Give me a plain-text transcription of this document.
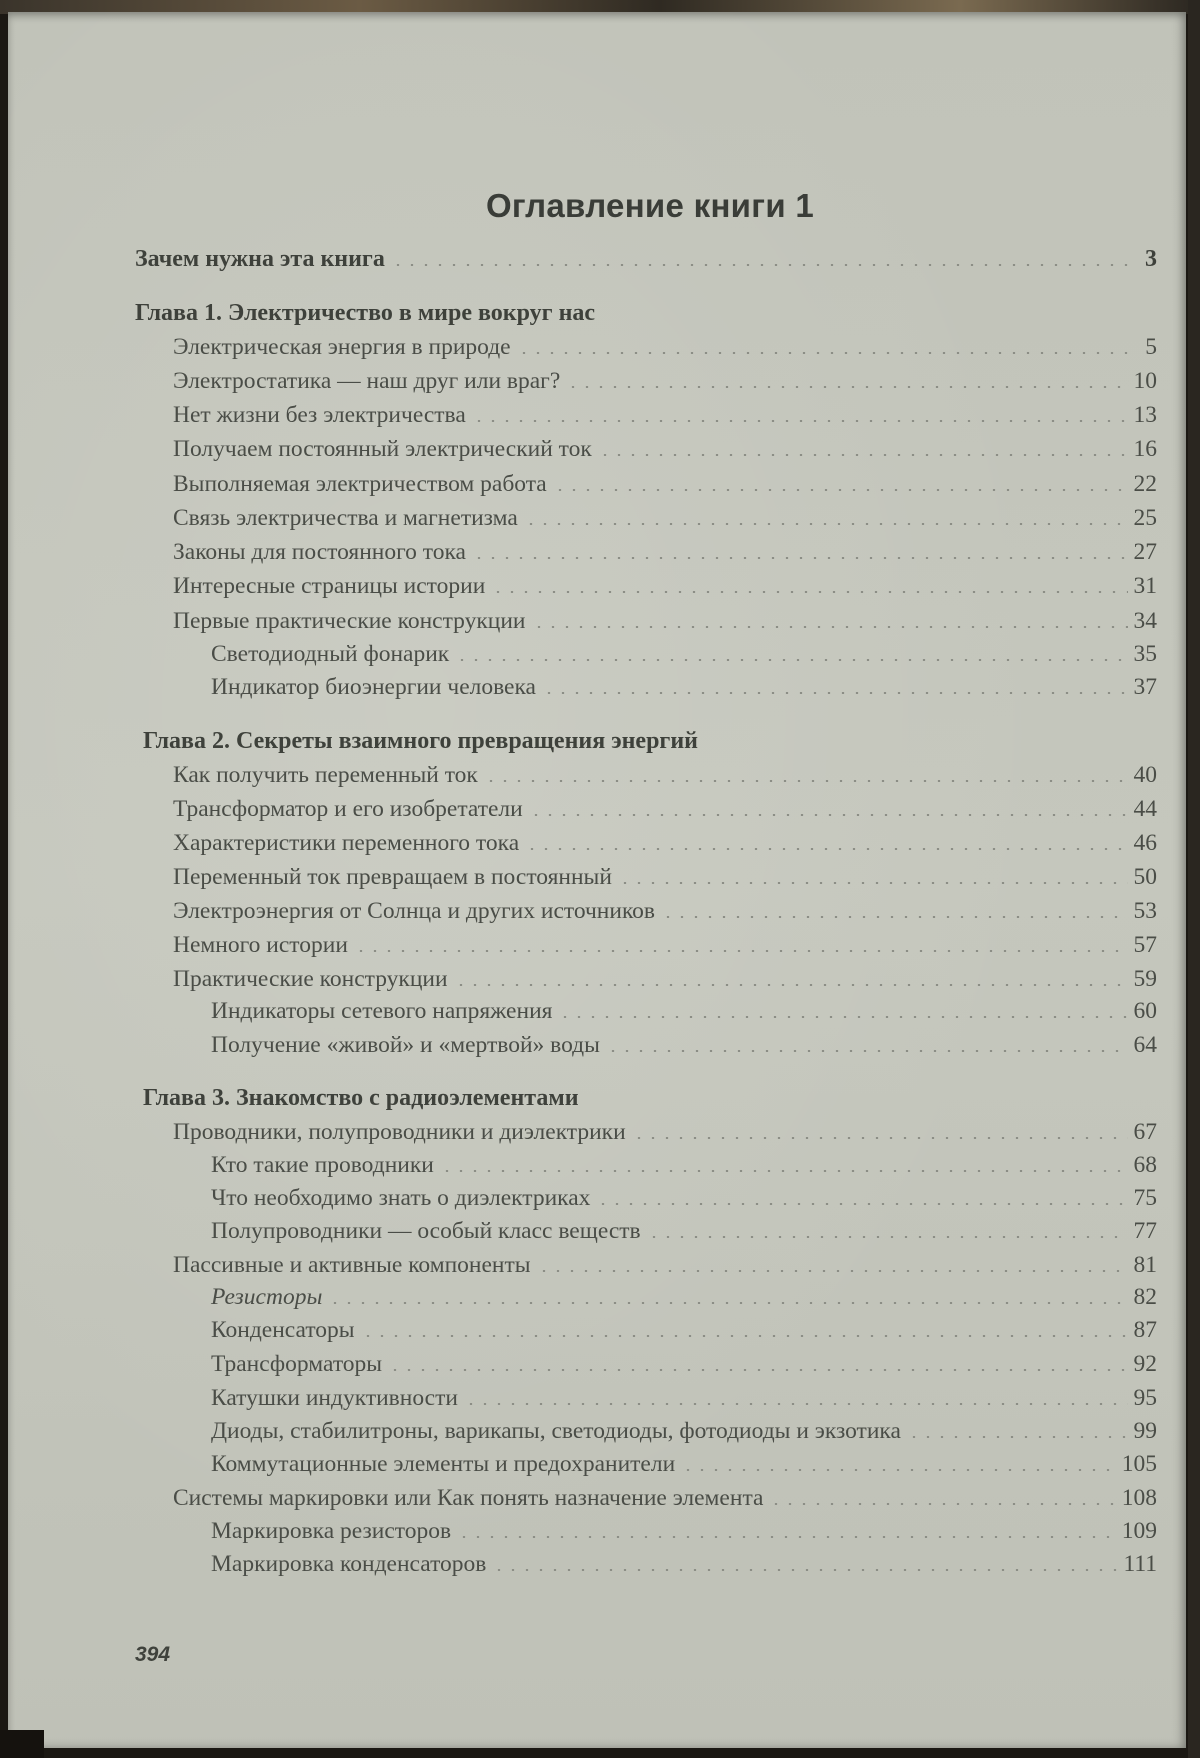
Оглавление книги 1
Зачем нужна эта книга	3
Глава 1. Электричество в мире вокруг нас
Электрическая энергия в природе	5
Электростатика — наш друг или враг?	10
Нет жизни без электричества	13
Получаем постоянный электрический ток	16
Выполняемая электричеством работа	22
Связь электричества и магнетизма	25
Законы для постоянного тока	27
Интересные страницы истории	31
Первые практические конструкции	34
Светодиодный фонарик	35
Индикатор биоэнергии человека	37
Глава 2. Секреты взаимного превращения энергий
Как получить переменный ток	40
Трансформатор и его изобретатели	44
Характеристики переменного тока	46
Переменный ток превращаем в постоянный	50
Электроэнергия от Солнца и других источников	53
Немного истории	57
Практические конструкции	59
Индикаторы сетевого напряжения	60
Получение «живой» и «мертвой» воды	64
Глава 3. Знакомство с радиоэлементами
Проводники, полупроводники и диэлектрики	67
Кто такие проводники	68
Что необходимо знать о диэлектриках	75
Полупроводники — особый класс веществ	77
Пассивные и активные компоненты	81
Резисторы	82
Конденсаторы	87
Трансформаторы	92
Катушки индуктивности	95
Диоды, стабилитроны, варикапы, светодиоды, фотодиоды и экзотика	99
Коммутационные элементы и предохранители	105
Системы маркировки или Как понять назначение элемента	108
Маркировка резисторов	109
Маркировка конденсаторов	111
394
